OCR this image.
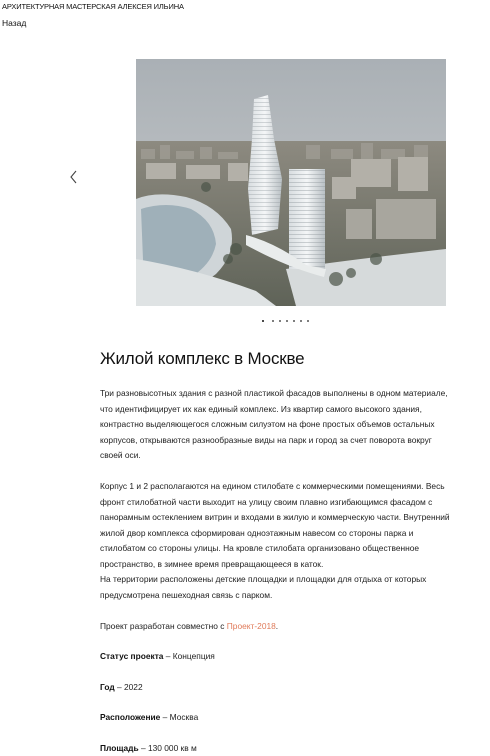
АРХИТЕКТУРНАЯ МАСТЕРСКАЯ АЛЕКСЕЯ ИЛЬИНА
Назад
Жилой комплекс в Москве

Три разновысотных здания с разной пластикой фасадов выполнены в одном материале,
что идентифицирует их как единый комплекс. Из квартир самого высокого здания,
контрастно выделяющегося сложным силуэтом на фоне простых объемов остальных
корпусов, открываются разнообразные виды на парк и город за счет поворота вокруг
своей оси.

Корпус 1 и 2 располагаются на едином стилобате с коммерческими помещениями. Весь
фронт стилобатной части выходит на улицу своим плавно изгибающимся фасадом с
панорамным остеклением витрин и входами в жилую и коммерческую части. Внутренний
жилой двор комплекса сформирован одноэтажным навесом со стороны парка и
стилобатом со стороны улицы. На кровле стилобата организовано общественное
пространство, в зимнее время превращающееся в каток.
На территории расположены детские площадки и площадки для отдыха от которых
предусмотрена пешеходная связь с парком.

Проект разработан совместно с Проект-2018.

Статус проекта – Концепция

Год – 2022

Расположение – Москва

Площадь – 130 000 кв м
